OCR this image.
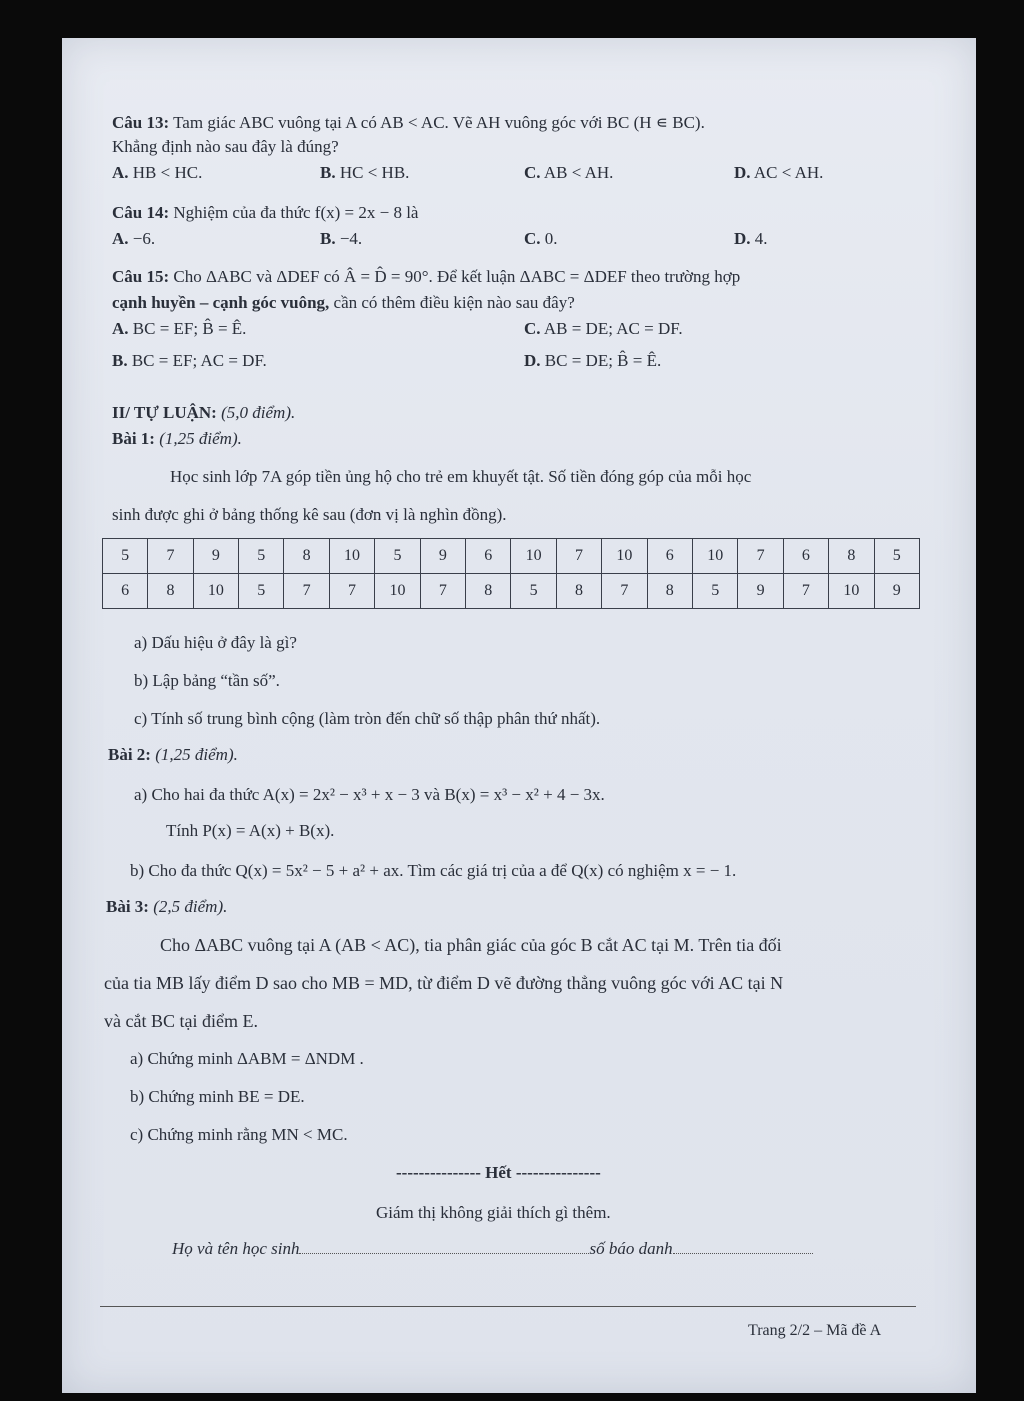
Câu 13: Tam giác ABC vuông tại A có AB < AC. Vẽ AH vuông góc với BC (H ∊ BC).
Khẳng định nào sau đây là đúng?
A. HB < HC.	B. HC < HB.	C. AB < AH.	D. AC < AH.
Câu 14: Nghiệm của đa thức f(x) = 2x − 8 là
A. −6.	B. −4.	C. 0.	D. 4.
Câu 15: Cho ΔABC và ΔDEF có Â = D̂ = 90°. Để kết luận ΔABC = ΔDEF theo trường hợp
cạnh huyền – cạnh góc vuông, cần có thêm điều kiện nào sau đây?
A. BC = EF; B̂ = Ê.	C. AB = DE; AC = DF.
B. BC = EF; AC = DF.	D. BC = DE; B̂ = Ê.
II/ TỰ LUẬN: (5,0 điểm).
Bài 1: (1,25 điểm).
Học sinh lớp 7A góp tiền ủng hộ cho trẻ em khuyết tật. Số tiền đóng góp của mỗi học
sinh được ghi ở bảng thống kê sau (đơn vị là nghìn đồng).
5	7	9	5	8	10	5	9	6	10	7	10	6	10	7	6	8	5
6	8	10	5	7	7	10	7	8	5	8	7	8	5	9	7	10	9
a) Dấu hiệu ở đây là gì?
b) Lập bảng “tần số”.
c) Tính số trung bình cộng (làm tròn đến chữ số thập phân thứ nhất).
Bài 2: (1,25 điểm).
a) Cho hai đa thức A(x) = 2x² − x³ + x − 3 và B(x) = x³ − x² + 4 − 3x.
Tính P(x) = A(x) + B(x).
b) Cho đa thức Q(x) = 5x² − 5 + a² + ax. Tìm các giá trị của a để Q(x) có nghiệm x = − 1.
Bài 3: (2,5 điểm).
Cho ΔABC vuông tại A (AB < AC), tia phân giác của góc B cắt AC tại M. Trên tia đối
của tia MB lấy điểm D sao cho MB = MD, từ điểm D vẽ đường thẳng vuông góc với AC tại N
và cắt BC tại điểm E.
a) Chứng minh ΔABM = ΔNDM .
b) Chứng minh BE = DE.
c) Chứng minh rằng MN < MC.
--------------- Hết ---------------
Giám thị không giải thích gì thêm.
Họ và tên học sinh	số báo danh
Trang 2/2 – Mã đề A
